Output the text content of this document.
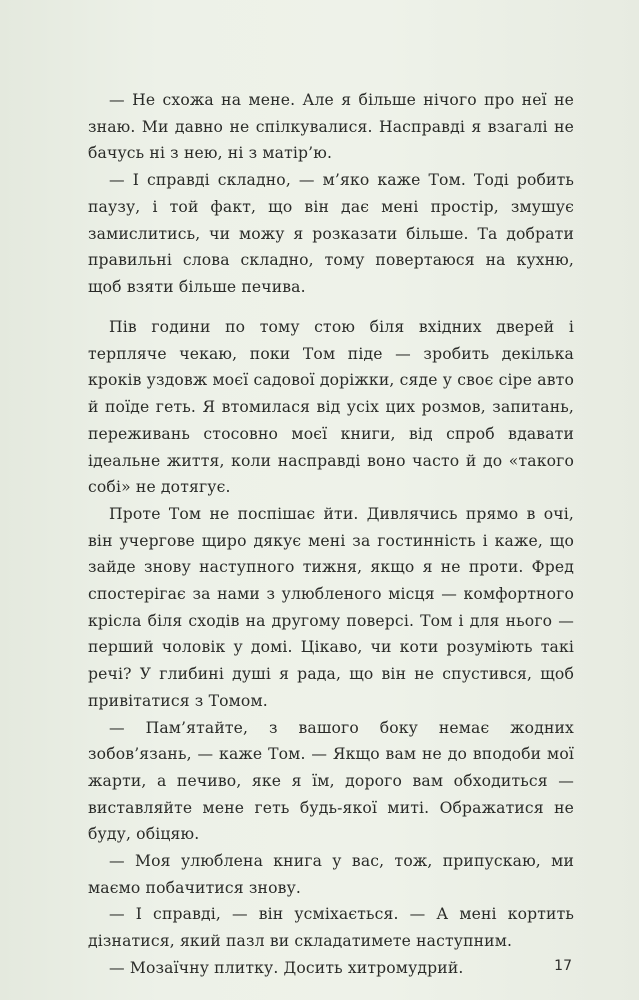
— Не схожа на мене. Але я більше нічого про неї не знаю. Ми давно не спілкувалися. Насправді я взагалі не бачусь ні з нею, ні з матір’ю.

— І справді складно, — м’яко каже Том. Тоді робить паузу, і той факт, що він дає мені простір, змушує замислитись, чи можу я розказати більше. Та добрати правильні слова складно, тому повертаюся на кухню, щоб взяти більше печива.

Пів години по тому стою біля вхідних дверей і терпляче чекаю, поки Том піде — зробить декілька кроків уздовж моєї садової доріжки, сяде у своє сіре авто й поїде геть. Я втомилася від усіх цих розмов, запитань, переживань стосовно моєї книги, від спроб вдавати ідеальне життя, коли насправді воно часто й до «такого собі» не дотягує.

Проте Том не поспішає йти. Дивлячись прямо в очі, він учергове щиро дякує мені за гостинність і каже, що зайде знову наступного тижня, якщо я не проти. Фред спостерігає за нами з улюбленого місця — комфортного крісла біля сходів на другому поверсі. Том і для нього — перший чоловік у домі. Цікаво, чи коти розуміють такі речі? У глибині душі я рада, що він не спустився, щоб привітатися з Томом.

— Пам’ятайте, з вашого боку немає жодних зобов’язань, — каже Том. — Якщо вам не до вподоби мої жарти, а печиво, яке я їм, дорого вам обходиться — виставляйте мене геть будь-якої миті. Ображатися не буду, обіцяю.

— Моя улюблена книга у вас, тож, припускаю, ми маємо побачитися знову.

— І справді, — він усміхається. — А мені кортить дізнатися, який пазл ви складатимете наступним.

— Мозаїчну плитку. Досить хитромудрий.	17
